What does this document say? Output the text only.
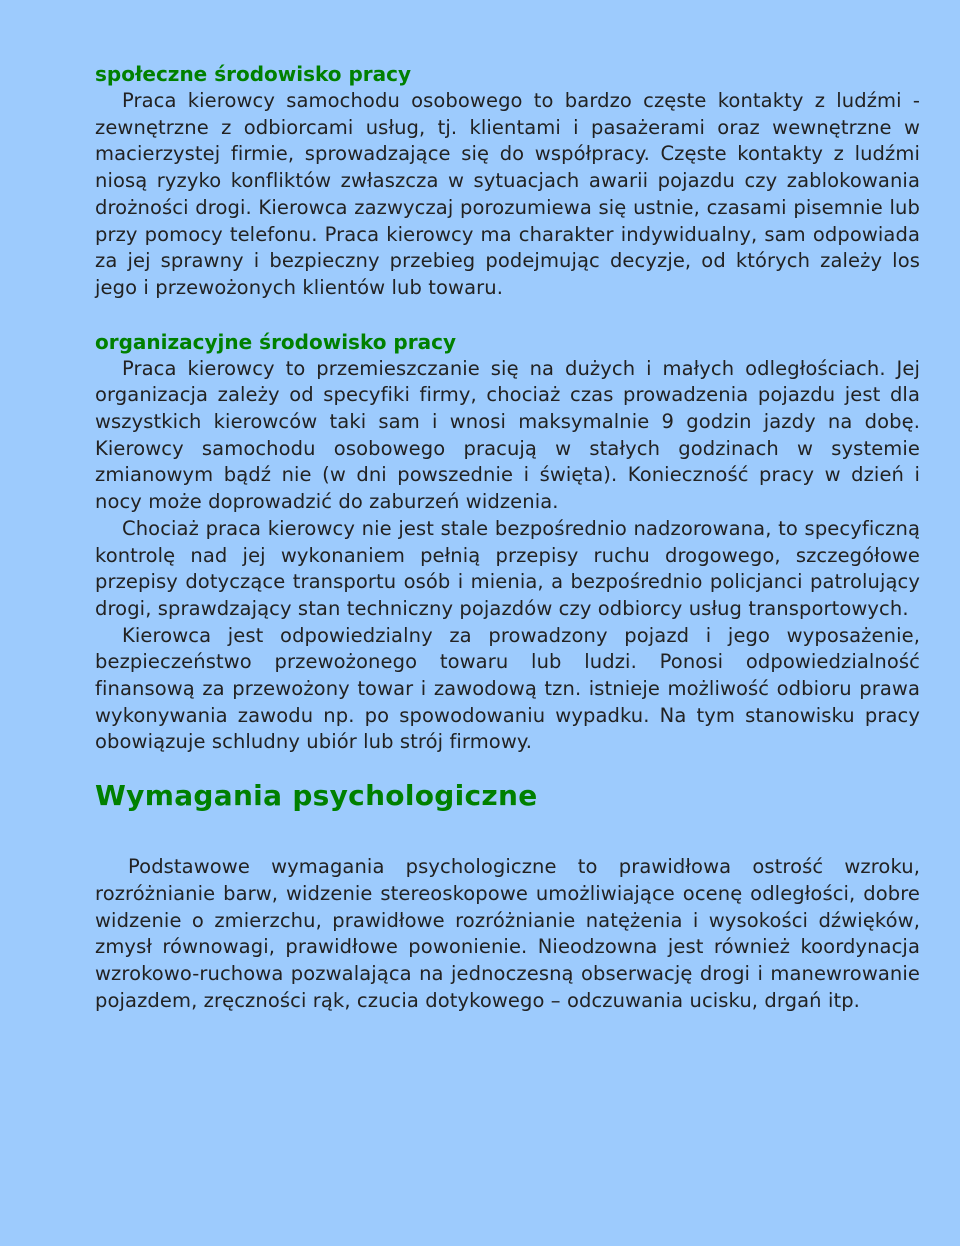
społeczne środowisko pracy

Praca kierowcy samochodu osobowego to bardzo częste kontakty z ludźmi - zewnętrzne z odbiorcami usług, tj. klientami i pasażerami oraz wewnętrzne w macierzystej firmie, sprowadzające się do współpracy. Częste kontakty z ludźmi niosą ryzyko konfliktów zwłaszcza w sytuacjach awarii pojazdu czy zablokowania drożności drogi. Kierowca zazwyczaj porozumiewa się ustnie, czasami pisemnie lub przy pomocy telefonu. Praca kierowcy ma charakter indywidualny, sam odpowiada za jej sprawny i bezpieczny przebieg podejmując decyzje, od których zależy los jego i przewożonych klientów lub towaru.

organizacyjne środowisko pracy

Praca kierowcy to przemieszczanie się na dużych i małych odległościach. Jej organizacja zależy od specyfiki firmy, chociaż czas prowadzenia pojazdu jest dla wszystkich kierowców taki sam i wnosi maksymalnie 9 godzin jazdy na dobę. Kierowcy samochodu osobowego pracują w stałych godzinach w systemie zmianowym bądź nie (w dni powszednie i święta). Konieczność pracy w dzień i nocy może doprowadzić do zaburzeń widzenia.

Chociaż praca kierowcy nie jest stale bezpośrednio nadzorowana, to specyficzną kontrolę nad jej wykonaniem pełnią przepisy ruchu drogowego, szczegółowe przepisy dotyczące transportu osób i mienia, a bezpośrednio policjanci patrolujący drogi, sprawdzający stan techniczny pojazdów czy odbiorcy usług transportowych.

Kierowca jest odpowiedzialny za prowadzony pojazd i jego wyposażenie, bezpieczeństwo przewożonego towaru lub ludzi. Ponosi odpowiedzialność finansową za przewożony towar i zawodową tzn. istnieje możliwość odbioru prawa wykonywania zawodu np. po spowodowaniu wypadku. Na tym stanowisku pracy obowiązuje schludny ubiór lub strój firmowy.

Wymagania psychologiczne

Podstawowe wymagania psychologiczne to prawidłowa ostrość wzroku, rozróżnianie barw, widzenie stereoskopowe umożliwiające ocenę odległości, dobre widzenie o zmierzchu, prawidłowe rozróżnianie natężenia i wysokości dźwięków, zmysł równowagi, prawidłowe powonienie. Nieodzowna jest również koordynacja wzrokowo-ruchowa pozwalająca na jednoczesną obserwację drogi i manewrowanie pojazdem, zręczności rąk, czucia dotykowego – odczuwania ucisku, drgań itp.
